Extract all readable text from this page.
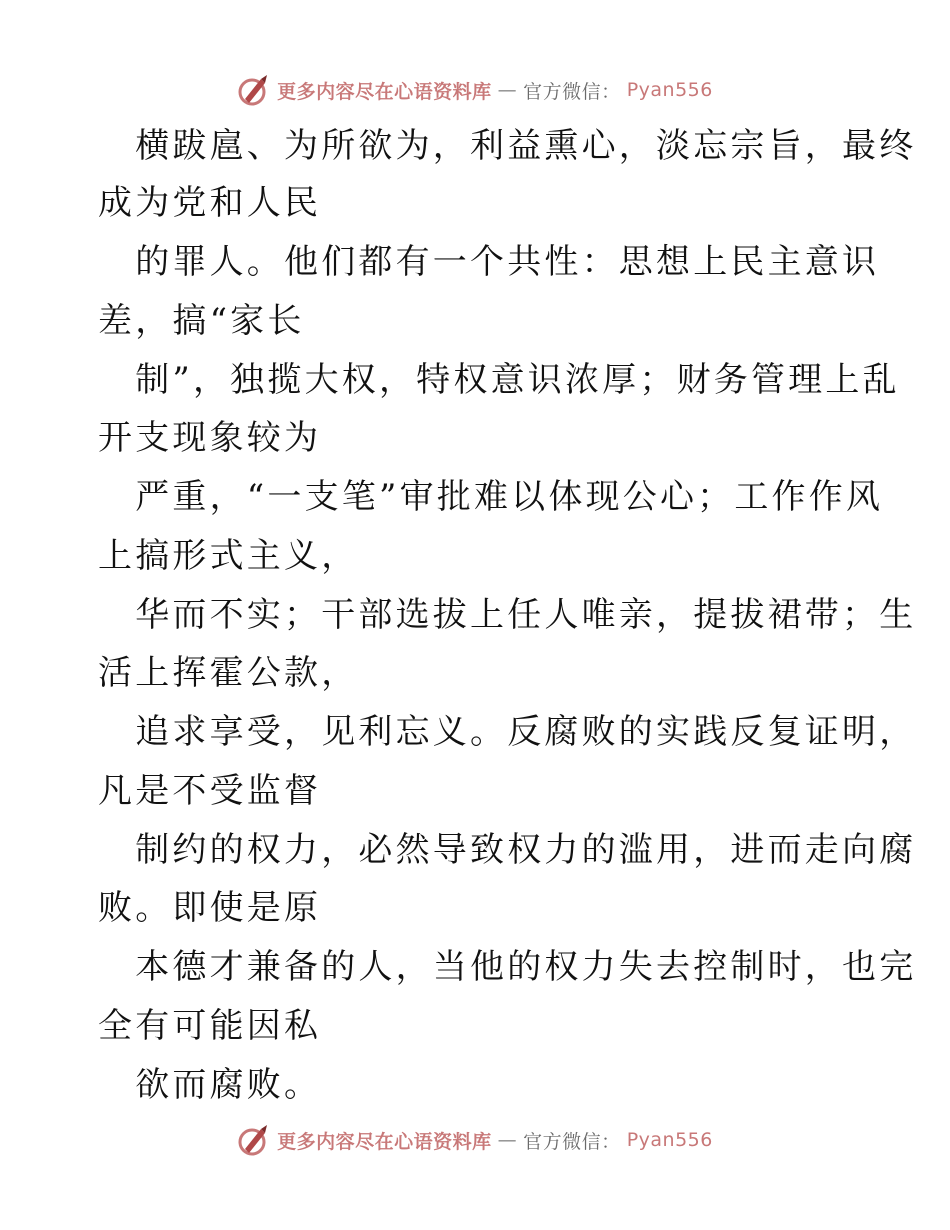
更多内容尽在心语资料库 — 官方微信： Pyan556
　横跋扈、为所欲为，利益熏心，淡忘宗旨，最终
成为党和人民
　的罪人。他们都有一个共性：思想上民主意识
差，搞“家长
　制”，独揽大权，特权意识浓厚；财务管理上乱
开支现象较为
　严重，“一支笔”审批难以体现公心；工作作风
上搞形式主义，
　华而不实；干部选拔上任人唯亲，提拔裙带；生
活上挥霍公款，
　追求享受，见利忘义。反腐败的实践反复证明，
凡是不受监督
　制约的权力，必然导致权力的滥用，进而走向腐
败。即使是原
　本德才兼备的人，当他的权力失去控制时，也完
全有可能因私
　欲而腐败。
更多内容尽在心语资料库 — 官方微信： Pyan556
